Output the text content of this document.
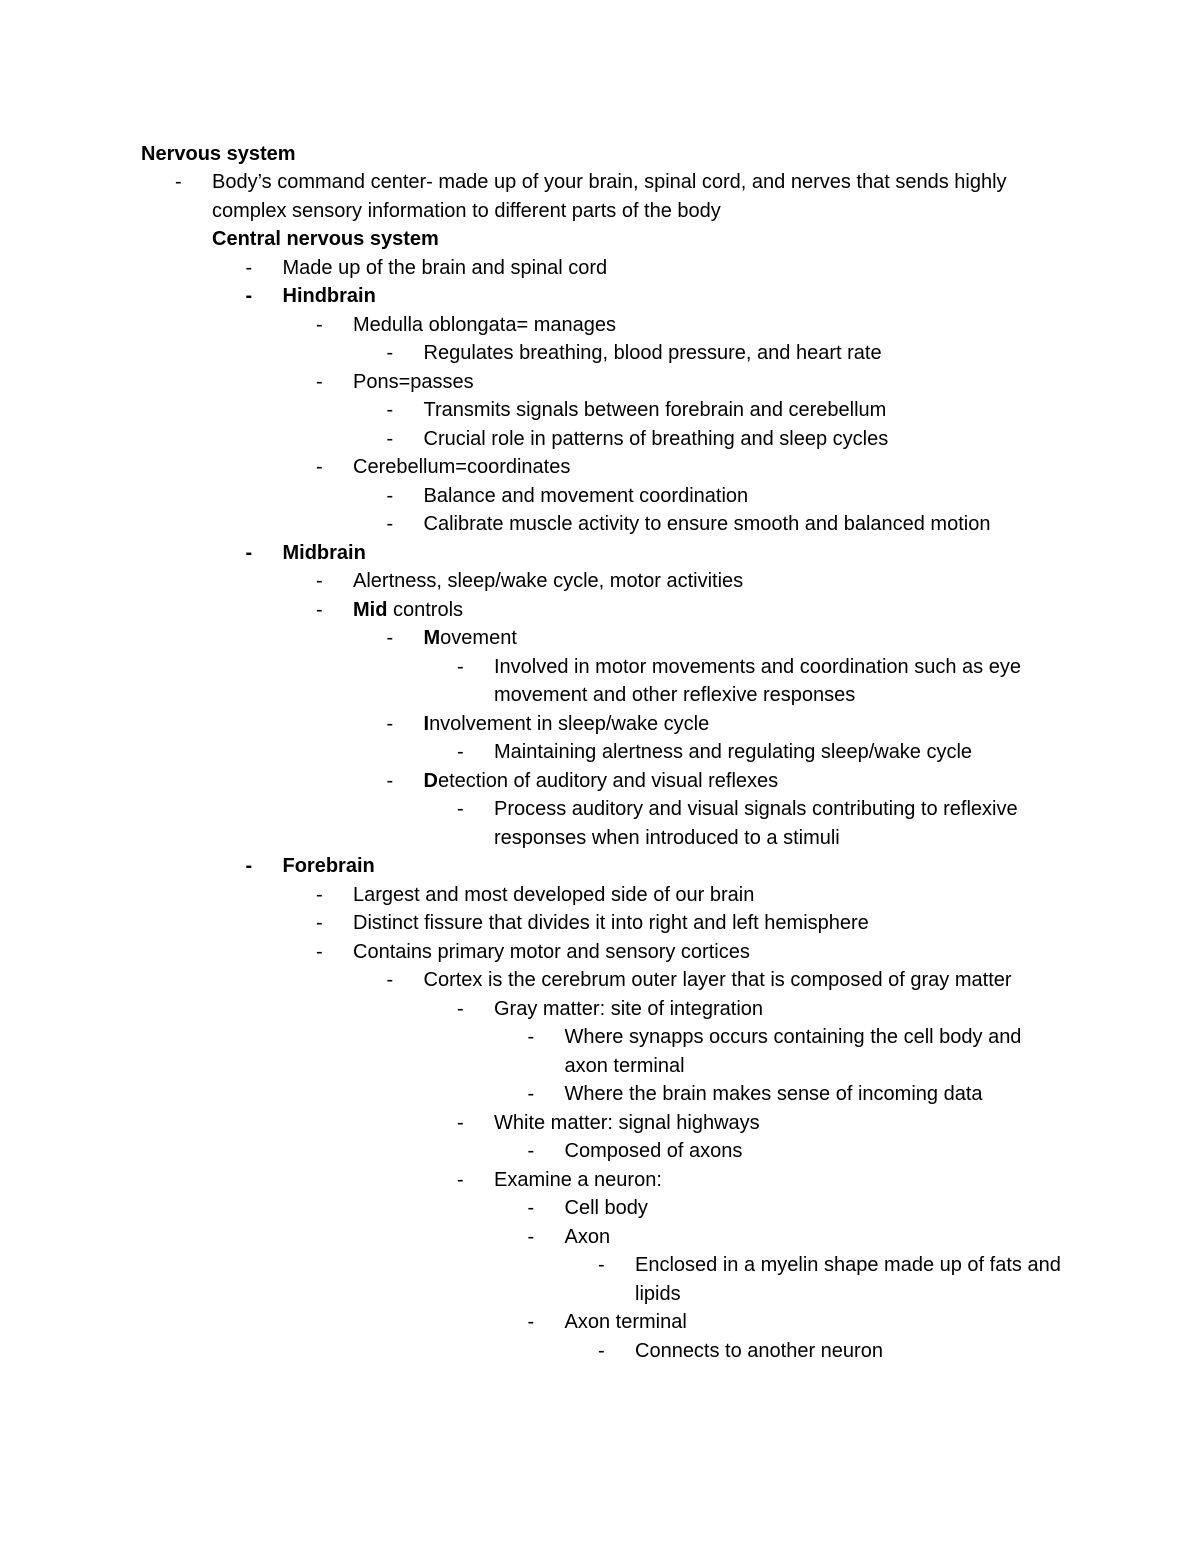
Nervous system
- Body’s command center- made up of your brain, spinal cord, and nerves that sends highly complex sensory information to different parts of the body
Central nervous system
- Made up of the brain and spinal cord
- Hindbrain
- Medulla oblongata= manages
- Regulates breathing, blood pressure, and heart rate
- Pons=passes
- Transmits signals between forebrain and cerebellum
- Crucial role in patterns of breathing and sleep cycles
- Cerebellum=coordinates
- Balance and movement coordination
- Calibrate muscle activity to ensure smooth and balanced motion
- Midbrain
- Alertness, sleep/wake cycle, motor activities
- Mid controls
- Movement
- Involved in motor movements and coordination such as eye movement and other reflexive responses
- Involvement in sleep/wake cycle
- Maintaining alertness and regulating sleep/wake cycle
- Detection of auditory and visual reflexes
- Process auditory and visual signals contributing to reflexive responses when introduced to a stimuli
- Forebrain
- Largest and most developed side of our brain
- Distinct fissure that divides it into right and left hemisphere
- Contains primary motor and sensory cortices
- Cortex is the cerebrum outer layer that is composed of gray matter
- Gray matter: site of integration
- Where synapps occurs containing the cell body and axon terminal
- Where the brain makes sense of incoming data
- White matter: signal highways
- Composed of axons
- Examine a neuron:
- Cell body
- Axon
- Enclosed in a myelin shape made up of fats and lipids
- Axon terminal
- Connects to another neuron
